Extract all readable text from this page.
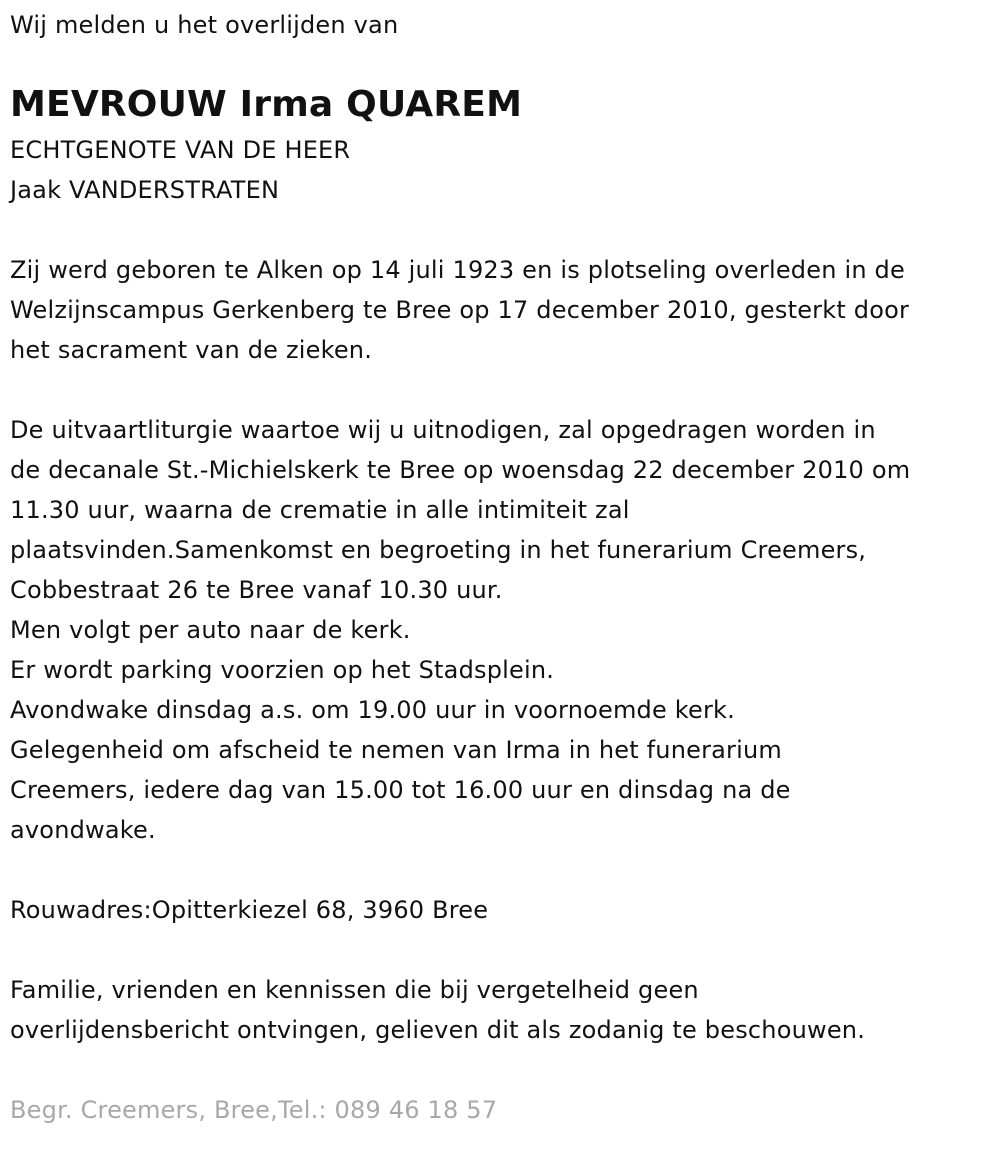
Wij melden u het overlijden van
MEVROUW Irma QUAREM
ECHTGENOTE VAN DE HEER
Jaak VANDERSTRATEN
Zij werd geboren te Alken op 14 juli 1923 en is plotseling overleden in de
Welzijnscampus Gerkenberg te Bree op 17 december 2010, gesterkt door
het sacrament van de zieken.
De uitvaartliturgie waartoe wij u uitnodigen, zal opgedragen worden in
de decanale St.-Michielskerk te Bree op woensdag 22 december 2010 om
11.30 uur, waarna de crematie in alle intimiteit zal
plaatsvinden.Samenkomst en begroeting in het funerarium Creemers,
Cobbestraat 26 te Bree vanaf 10.30 uur.
Men volgt per auto naar de kerk.
Er wordt parking voorzien op het Stadsplein.
Avondwake dinsdag a.s. om 19.00 uur in voornoemde kerk.
Gelegenheid om afscheid te nemen van Irma in het funerarium
Creemers, iedere dag van 15.00 tot 16.00 uur en dinsdag na de
avondwake.
Rouwadres:Opitterkiezel 68, 3960 Bree
Familie, vrienden en kennissen die bij vergetelheid geen
overlijdensbericht ontvingen, gelieven dit als zodanig te beschouwen.
Begr. Creemers, Bree,Tel.: 089 46 18 57
